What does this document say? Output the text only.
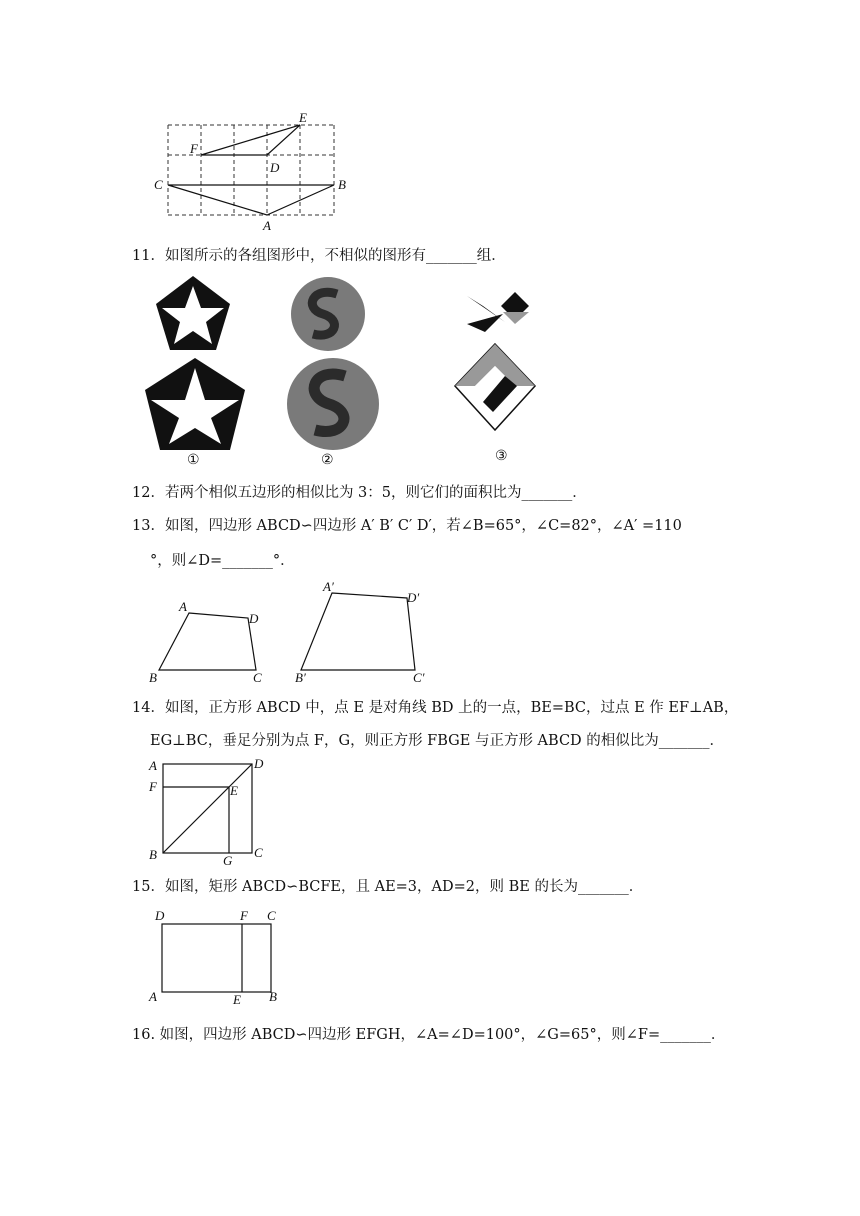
E
F
D
C	B
A
11．如图所示的各组图形中，不相似的图形有_______组．
①	②	③
12．若两个相似五边形的相似比为 3：5，则它们的面积比为_______．
13．如图，四边形 ABCD∽四边形 A′ B′ C′ D′，若∠B=65°，∠C=82°，∠A′ =110
°，则∠D=_______°．
A
D
B	C
A′
D′
B′	C′
14．如图，正方形 ABCD 中，点 E 是对角线 BD 上的一点，BE=BC，过点 E 作 EF⊥AB，
EG⊥BC，垂足分别为点 F，G，则正方形 FBGE 与正方形 ABCD 的相似比为_______．
A	D
F	E
B	G
C
15．如图，矩形 ABCD∽BCFE，且 AE=3，AD=2，则 BE 的长为_______．
D	F C
A	E B
16. 如图，四边形 ABCD∽四边形 EFGH，∠A=∠D=100°，∠G=65°，则∠F=_______．
